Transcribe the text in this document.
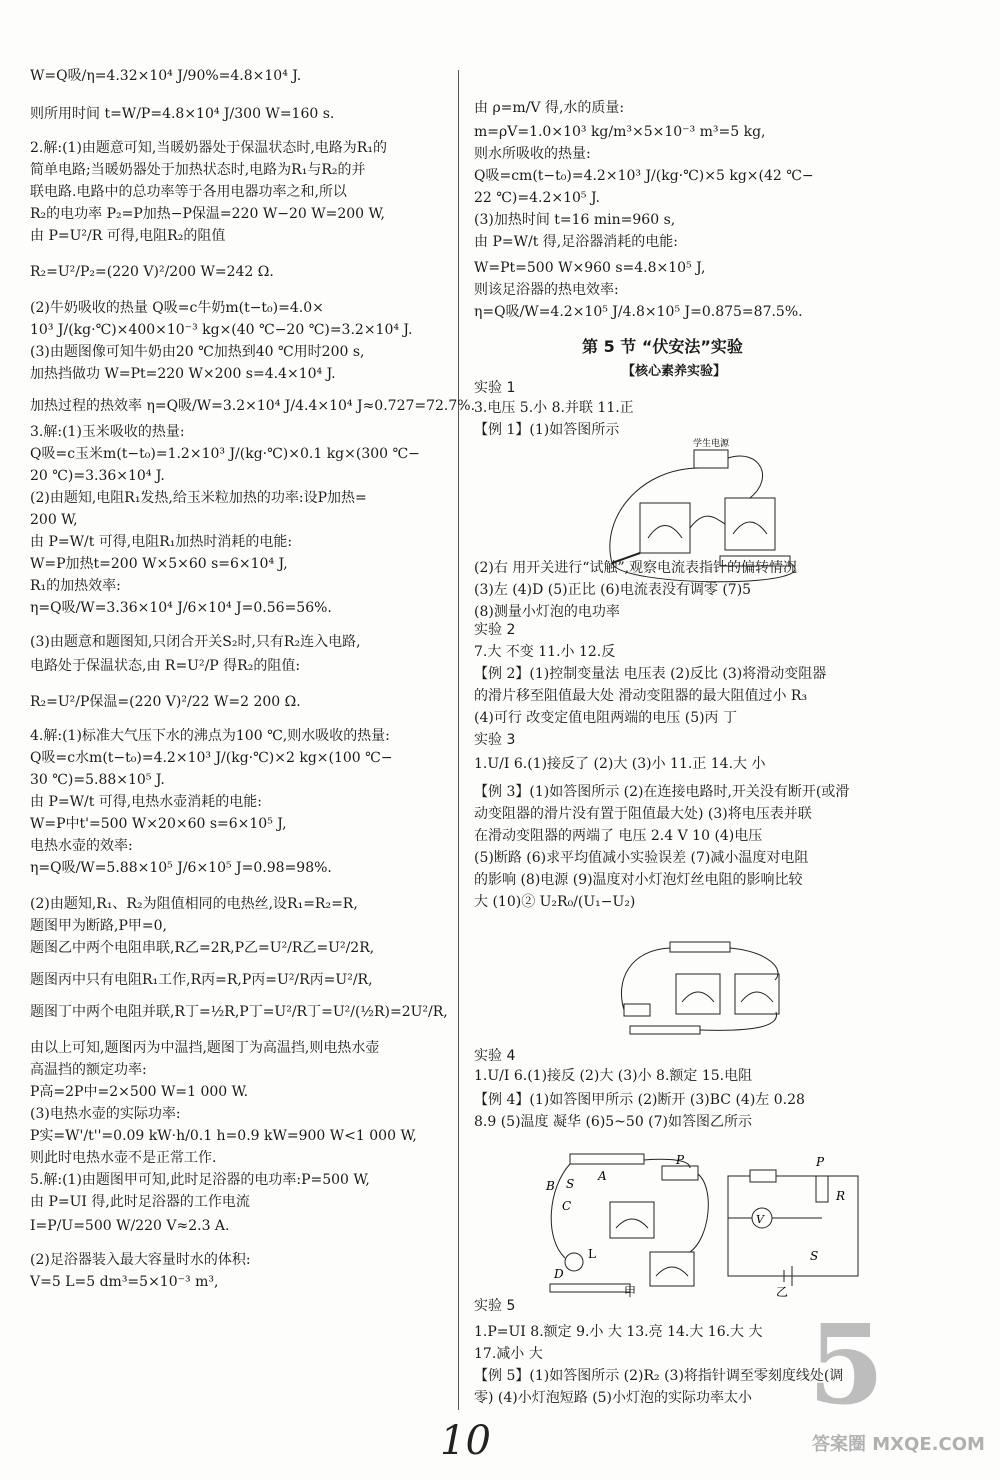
W=Q吸/η=4.32×10⁴ J/90%=4.8×10⁴ J.
则所用时间 t=W/P=4.8×10⁴ J/300 W=160 s.
2.解:(1)由题意可知,当暖奶器处于保温状态时,电路为R₁的
简单电路;当暖奶器处于加热状态时,电路为R₁与R₂的并
联电路.电路中的总功率等于各用电器功率之和,所以
R₂的电功率 P₂=P加热−P保温=220 W−20 W=200 W,
由 P=U²/R 可得,电阻R₂的阻值
R₂=U²/P₂=(220 V)²/200 W=242 Ω.
(2)牛奶吸收的热量 Q吸=c牛奶m(t−t₀)=4.0×
10³ J/(kg·℃)×400×10⁻³ kg×(40 ℃−20 ℃)=3.2×10⁴ J.
(3)由题图像可知牛奶由20 ℃加热到40 ℃用时200 s,
加热挡做功 W=Pt=220 W×200 s=4.4×10⁴ J.
加热过程的热效率 η=Q吸/W=3.2×10⁴ J/4.4×10⁴ J≈0.727=72.7%.
3.解:(1)玉米吸收的热量:
Q吸=c玉米m(t−t₀)=1.2×10³ J/(kg·℃)×0.1 kg×(300 ℃−
20 ℃)=3.36×10⁴ J.
(2)由题知,电阻R₁发热,给玉米粒加热的功率:设P加热=
200 W,
由 P=W/t 可得,电阻R₁加热时消耗的电能:
W=P加热t=200 W×5×60 s=6×10⁴ J,
R₁的加热效率:
η=Q吸/W=3.36×10⁴ J/6×10⁴ J=0.56=56%.
(3)由题意和题图知,只闭合开关S₂时,只有R₂连入电路,
电路处于保温状态,由 R=U²/P 得R₂的阻值:
R₂=U²/P保温=(220 V)²/22 W=2 200 Ω.
4.解:(1)标准大气压下水的沸点为100 ℃,则水吸收的热量:
Q吸=c水m(t−t₀)=4.2×10³ J/(kg·℃)×2 kg×(100 ℃−
30 ℃)=5.88×10⁵ J.
由 P=W/t 可得,电热水壶消耗的电能:
W=P中t'=500 W×20×60 s=6×10⁵ J,
电热水壶的效率:
η=Q吸/W=5.88×10⁵ J/6×10⁵ J=0.98=98%.
(2)由题知,R₁、R₂为阻值相同的电热丝,设R₁=R₂=R,
题图甲为断路,P甲=0,
题图乙中两个电阻串联,R乙=2R,P乙=U²/R乙=U²/2R,
题图丙中只有电阻R₁工作,R丙=R,P丙=U²/R丙=U²/R,
题图丁中两个电阻并联,R丁=½R,P丁=U²/R丁=U²/(½R)=2U²/R,
由以上可知,题图丙为中温挡,题图丁为高温挡,则电热水壶
高温挡的额定功率:
P高=2P中=2×500 W=1 000 W.
(3)电热水壶的实际功率:
P实=W'/t''=0.09 kW·h/0.1 h=0.9 kW=900 W<1 000 W,
则此时电热水壶不是正常工作.
5.解:(1)由题图甲可知,此时足浴器的电功率:P=500 W,
由 P=UI 得,此时足浴器的工作电流
I=P/U=500 W/220 V≈2.3 A.
(2)足浴器装入最大容量时水的体积:
V=5 L=5 dm³=5×10⁻³ m³,
由 ρ=m/V 得,水的质量:
m=ρV=1.0×10³ kg/m³×5×10⁻³ m³=5 kg,
则水所吸收的热量:
Q吸=cm(t−t₀)=4.2×10³ J/(kg·℃)×5 kg×(42 ℃−
22 ℃)=4.2×10⁵ J.
(3)加热时间 t=16 min=960 s,
由 P=W/t 得,足浴器消耗的电能:
W=Pt=500 W×960 s=4.8×10⁵ J,
则该足浴器的热电效率:
η=Q吸/W=4.2×10⁵ J/4.8×10⁵ J=0.875=87.5%.
实验 1
3.电压 5.小 8.并联 11.正
【例 1】(1)如答图所示
(2)右 用开关进行“试触”,观察电流表指针的偏转情况
(3)左 (4)D (5)正比 (6)电流表没有调零 (7)5
(8)测量小灯泡的电功率
实验 2
7.大 不变 11.小 12.反
【例 2】(1)控制变量法 电压表 (2)反比 (3)将滑动变阻器
的滑片移至阻值最大处 滑动变阻器的最大阻值过小 R₃
(4)可行 改变定值电阻两端的电压 (5)丙 丁
实验 3
1.U/I 6.(1)接反了 (2)大 (3)小 11.正 14.大 小
【例 3】(1)如答图所示 (2)在连接电路时,开关没有断开(或滑
动变阻器的滑片没有置于阻值最大处) (3)将电压表并联
在滑动变阻器的两端了 电压 2.4 V 10 (4)电压
(5)断路 (6)求平均值减小实验误差 (7)减小温度对电阻
的影响 (8)电源 (9)温度对小灯泡灯丝电阻的影响比较
大 (10)② U₂R₀/(U₁−U₂)
实验 4
1.U/I 6.(1)接反 (2)大 (3)小 8.额定 15.电阻
【例 4】(1)如答图甲所示 (2)断开 (3)BC (4)左 0.28
8.9 (5)温度 凝华 (6)5~50 (7)如答图乙所示
实验 5
1.P=UI 8.额定 9.小 大 13.亮 14.大 16.大 大
17.减小 大
【例 5】(1)如答图所示 (2)R₂ (3)将指针调至零刻度线处(调
零) (4)小灯泡短路 (5)小灯泡的实际功率太小
第 5 节 “伏安法”实验
【核心素养实验】
学生电源
B S
A
P
C
L
D
甲
P
R
V
S
乙
10
5
答案圈 MXQE.COM
